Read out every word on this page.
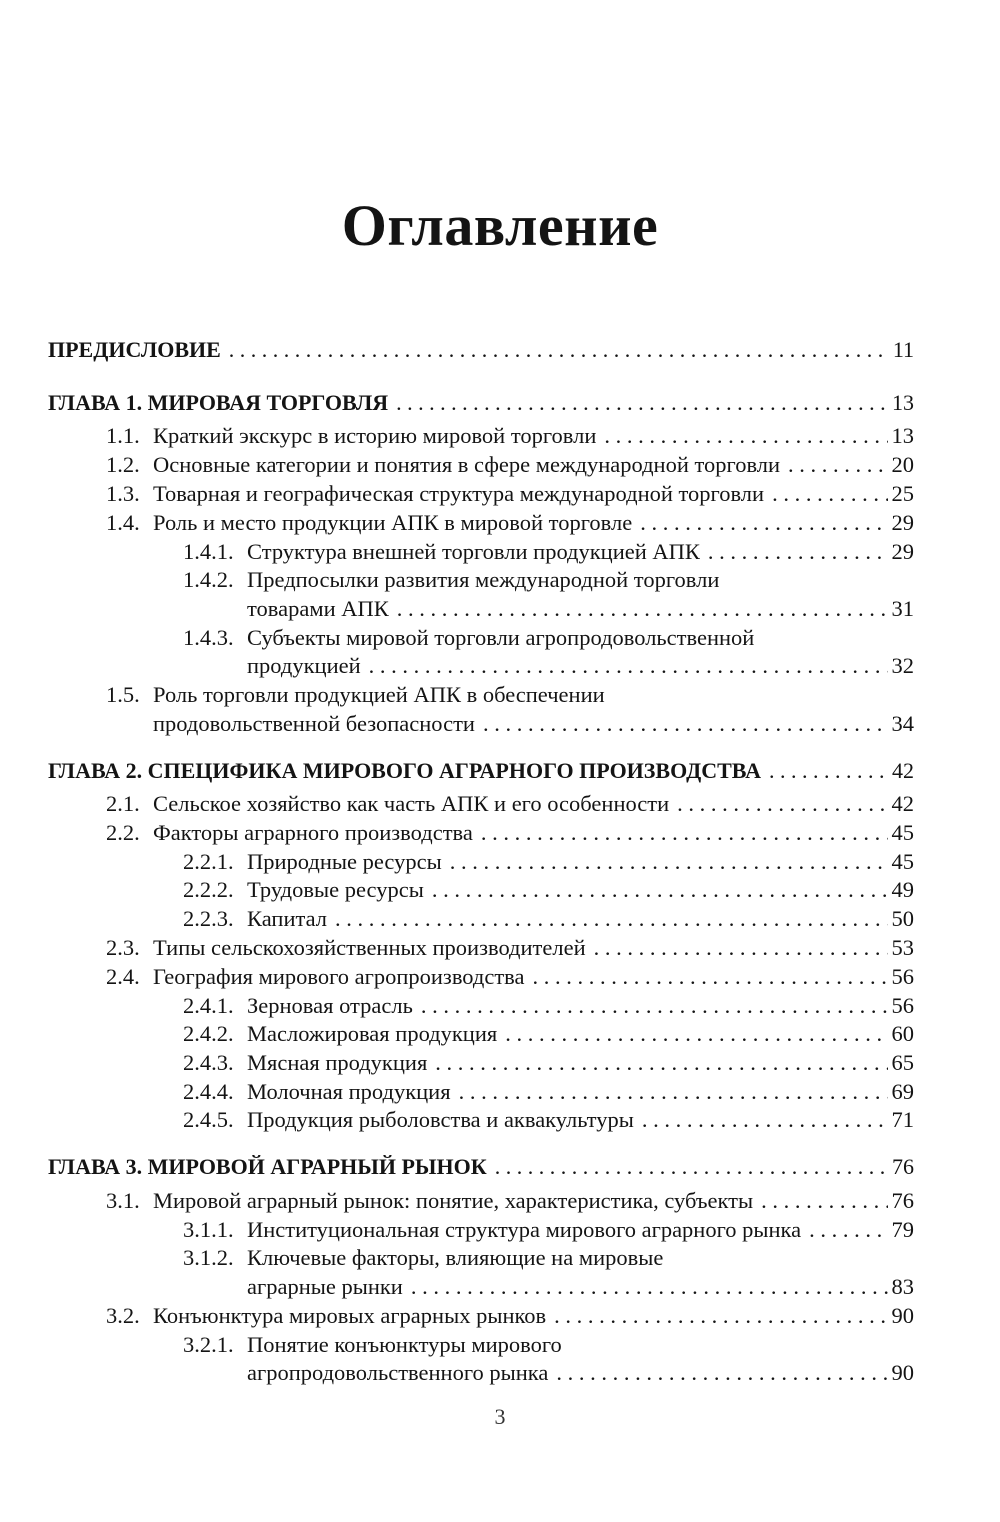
Оглавление
ПРЕДИСЛОВИЕ . . .	11
ГЛАВА 1. МИРОВАЯ ТОРГОВЛЯ . . .	13
1.1. Краткий экскурс в историю мировой торговли . . .	13
1.2. Основные категории и понятия в сфере международной торговли . . .	20
1.3. Товарная и географическая структура международной торговли . . .	25
1.4. Роль и место продукции АПК в мировой торговле . . .	29
1.4.1. Структура внешней торговли продукцией АПК . . .	29
1.4.2. Предпосылки развития международной торговли
товарами АПК . . .	31
1.4.3. Субъекты мировой торговли агропродовольственной
продукцией . . .	32
1.5. Роль торговли продукцией АПК в обеспечении
продовольственной безопасности . . .	34
ГЛАВА 2. СПЕЦИФИКА МИРОВОГО АГРАРНОГО ПРОИЗВОДСТВА . . .	42
2.1. Сельское хозяйство как часть АПК и его особенности . . .	42
2.2. Факторы аграрного производства . . .	45
2.2.1. Природные ресурсы . . .	45
2.2.2. Трудовые ресурсы . . .	49
2.2.3. Капитал . . .	50
2.3. Типы сельскохозяйственных производителей . . .	53
2.4. География мирового агропроизводства . . .	56
2.4.1. Зерновая отрасль . . .	56
2.4.2. Масложировая продукция . . .	60
2.4.3. Мясная продукция . . .	65
2.4.4. Молочная продукция . . .	69
2.4.5. Продукция рыболовства и аквакультуры . . .	71
ГЛАВА 3. МИРОВОЙ АГРАРНЫЙ РЫНОК . . .	76
3.1. Мировой аграрный рынок: понятие, характеристика, субъекты . . .	76
3.1.1. Институциональная структура мирового аграрного рынка . . .	79
3.1.2. Ключевые факторы, влияющие на мировые
аграрные рынки . . .	83
3.2. Конъюнктура мировых аграрных рынков . . .	90
3.2.1. Понятие конъюнктуры мирового
агропродовольственного рынка . . .	90
3
